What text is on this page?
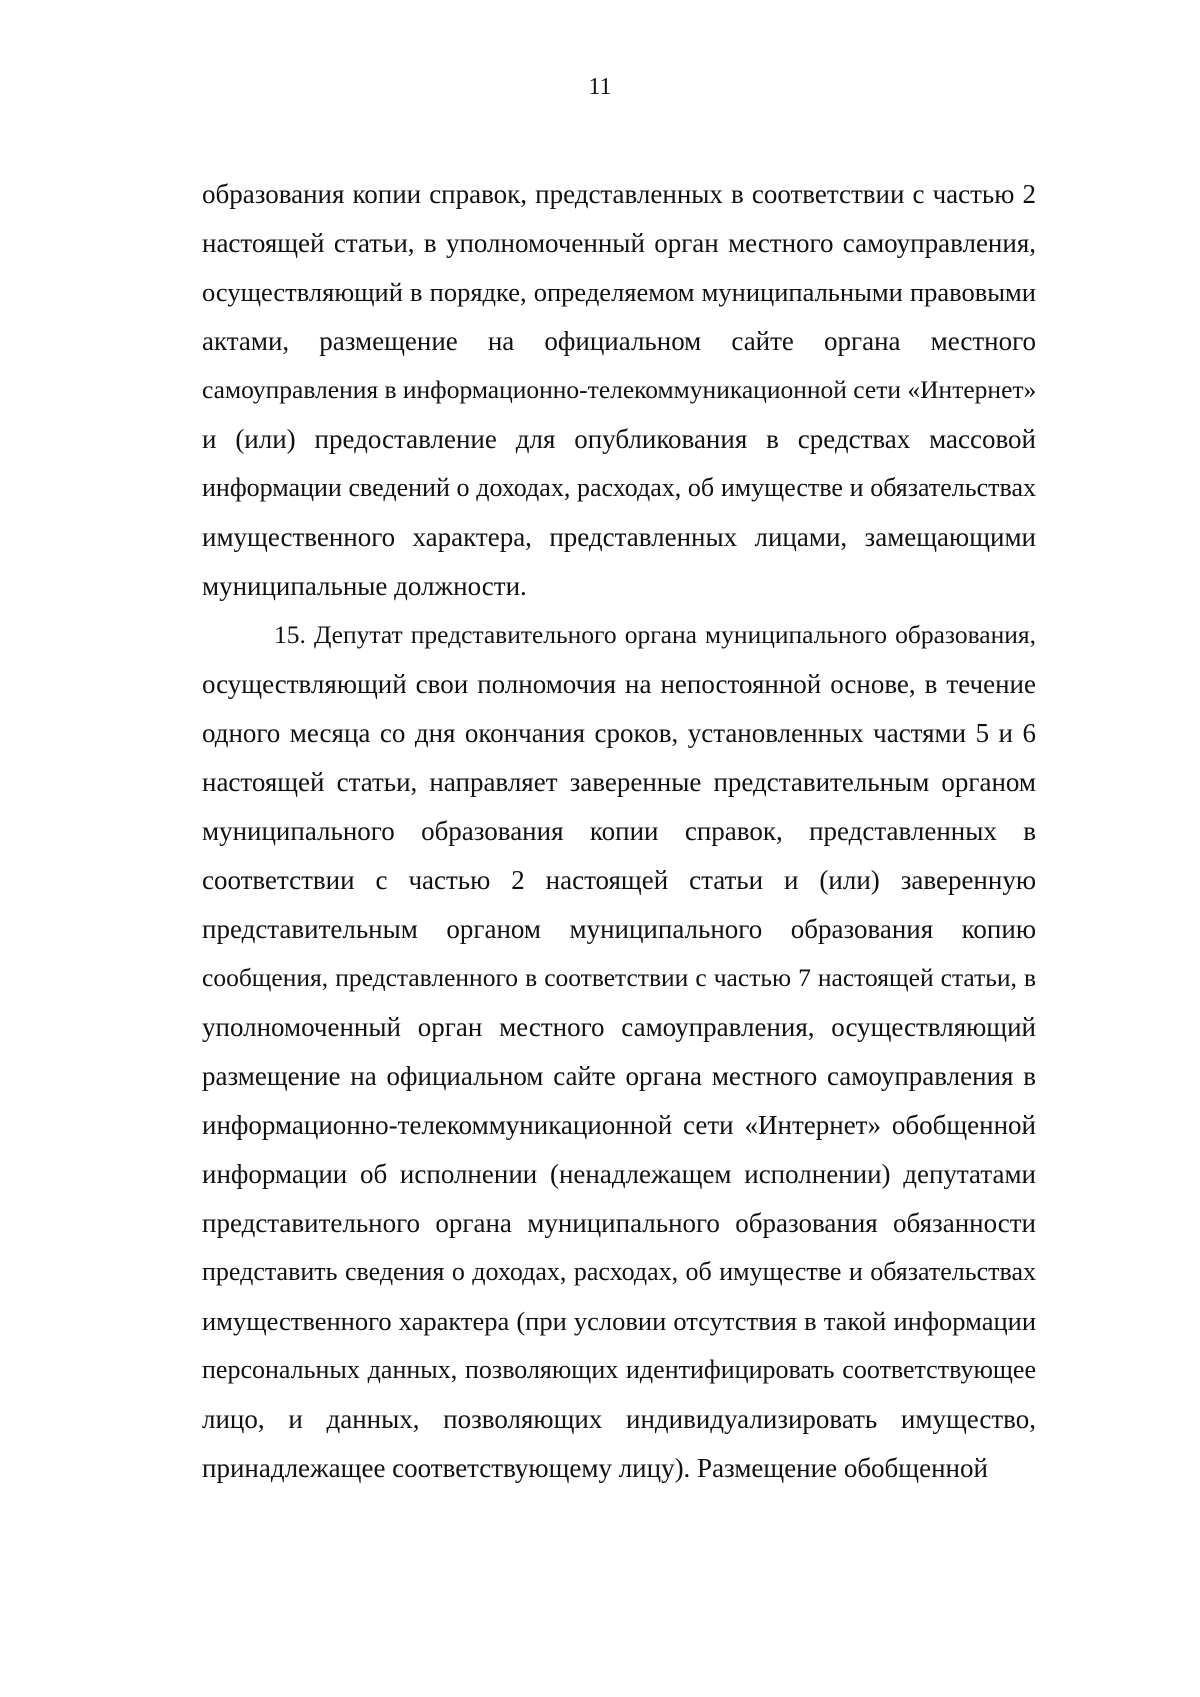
11
образования копии справок, представленных в соответствии с частью 2
настоящей статьи, в уполномоченный орган местного самоуправления,
осуществляющий в порядке, определяемом муниципальными правовыми
актами, размещение на официальном сайте органа местного
самоуправления в информационно-телекоммуникационной сети «Интернет»
и (или) предоставление для опубликования в средствах массовой
информации сведений о доходах, расходах, об имуществе и обязательствах
имущественного характера, представленных лицами, замещающими
муниципальные должности.
15. Депутат представительного органа муниципального образования,
осуществляющий свои полномочия на непостоянной основе, в течение
одного месяца со дня окончания сроков, установленных частями 5 и 6
настоящей статьи, направляет заверенные представительным органом
муниципального образования копии справок, представленных в
соответствии с частью 2 настоящей статьи и (или) заверенную
представительным органом муниципального образования копию
сообщения, представленного в соответствии с частью 7 настоящей статьи, в
уполномоченный орган местного самоуправления, осуществляющий
размещение на официальном сайте органа местного самоуправления в
информационно-телекоммуникационной сети «Интернет» обобщенной
информации об исполнении (ненадлежащем исполнении) депутатами
представительного органа муниципального образования обязанности
представить сведения о доходах, расходах, об имуществе и обязательствах
имущественного характера (при условии отсутствия в такой информации
персональных данных, позволяющих идентифицировать соответствующее
лицо, и данных, позволяющих индивидуализировать имущество,
принадлежащее соответствующему лицу). Размещение обобщенной
